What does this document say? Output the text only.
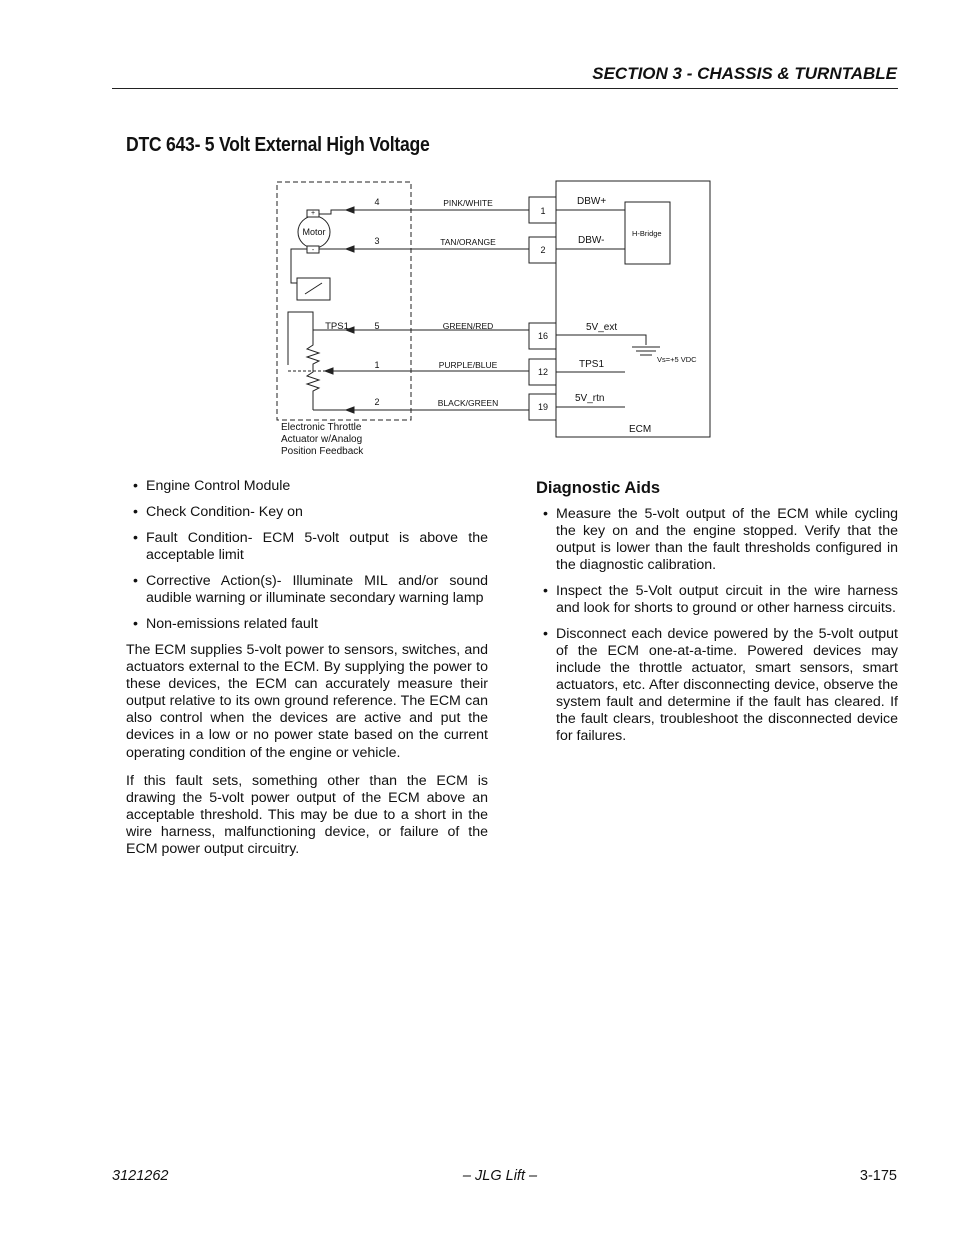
SECTION 3 - CHASSIS & TURNTABLE
DTC 643- 5 Volt External High Voltage
+
-
Motor
TPS1
4
3
5
1
2
PINK/WHITE
TAN/ORANGE
GREEN/RED
PURPLE/BLUE
BLACK/GREEN
1
2
16
12
19
DBW+
DBW-
5V_ext
TPS1
5V_rtn
H-Bridge
Vs=+5 VDC
ECM
Electronic Throttle
Actuator w/Analog
Position Feedback
• Engine Control Module
• Check Condition- Key on
• Fault Condition- ECM 5-volt output is above the acceptable limit
• Corrective Action(s)- Illuminate MIL and/or sound audible warning or illuminate secondary warning lamp
• Non-emissions related fault

The ECM supplies 5-volt power to sensors, switches, and actuators external to the ECM. By supplying the power to these devices, the ECM can accurately measure their output relative to its own ground reference. The ECM can also control when the devices are active and put the devices in a low or no power state based on the current operating condition of the engine or vehicle.

If this fault sets, something other than the ECM is drawing the 5-volt power output of the ECM above an acceptable threshold. This may be due to a short in the wire harness, malfunctioning device, or failure of the ECM power output circuitry.

Diagnostic Aids
• Measure the 5-volt output of the ECM while cycling the key on and the engine stopped. Verify that the output is lower than the fault thresholds configured in the diagnostic calibration.
• Inspect the 5-Volt output circuit in the wire harness and look for shorts to ground or other harness circuits.
• Disconnect each device powered by the 5-volt output of the ECM one-at-a-time. Powered devices may include the throttle actuator, smart sensors, smart actuators, etc. After disconnecting device, observe the system fault and determine if the fault has cleared. If the fault clears, troubleshoot the disconnected device for failures.
3121262	– JLG Lift –	3-175
